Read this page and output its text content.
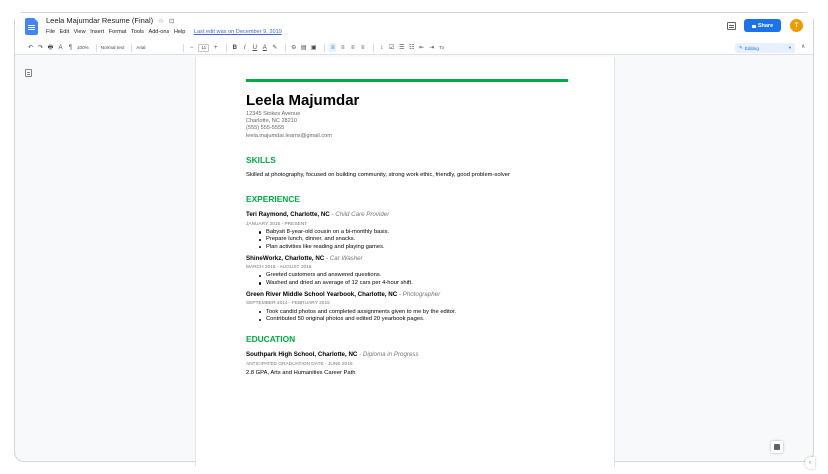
Leela Majumdar Resume (Final) ☆ ⊡
File Edit View Insert Format Tools Add-ons Help Last edit was on December 9, 2019
Share	T
↶ ↷ 🖶 A	¶	100%	Normal text	Arial	−	11	+	B	I	U A ✎ ⊖ ▤ ▣ ≡ ≡ ≡ ≡	↕ ☑ ☰ ☷ ⇤ ⇥ Tx	✎ Editing	▾ ∧
Leela Majumdar
12345 Stokes Avenue
Charlotte, NC 28210
(555) 555-5555
leela.majumdar.learns@gmail.com
SKILLS
Skilled at photography, focused on building community, strong work ethic, friendly, good problem-solver
EXPERIENCE
Teri Raymond, Charlotte, NC - Child Care Provider
JANUARY 2015 - PRESENT
Babysit 8-year-old cousin on a bi-monthly basis.
Prepare lunch, dinner, and snacks.
Plan activities like reading and playing games.
ShineWorkz, Charlotte, NC - Car Washer
MARCH 2015 - AUGUST 2015
Greeted customers and answered questions.
Washed and dried an average of 12 cars per 4-hour shift.
Green River Middle School Yearbook, Charlotte, NC - Photographer
SEPTEMBER 2014 - FEBRUARY 2015
Took candid photos and completed assignments given to me by the editor.
Contributed 50 original photos and edited 20 yearbook pages.
EDUCATION
Southpark High School, Charlotte, NC - Diploma in Progress
ANTICIPATED GRADUATION DATE - JUNE 2019
2.8 GPA, Arts and Humanities Career Path
‹
